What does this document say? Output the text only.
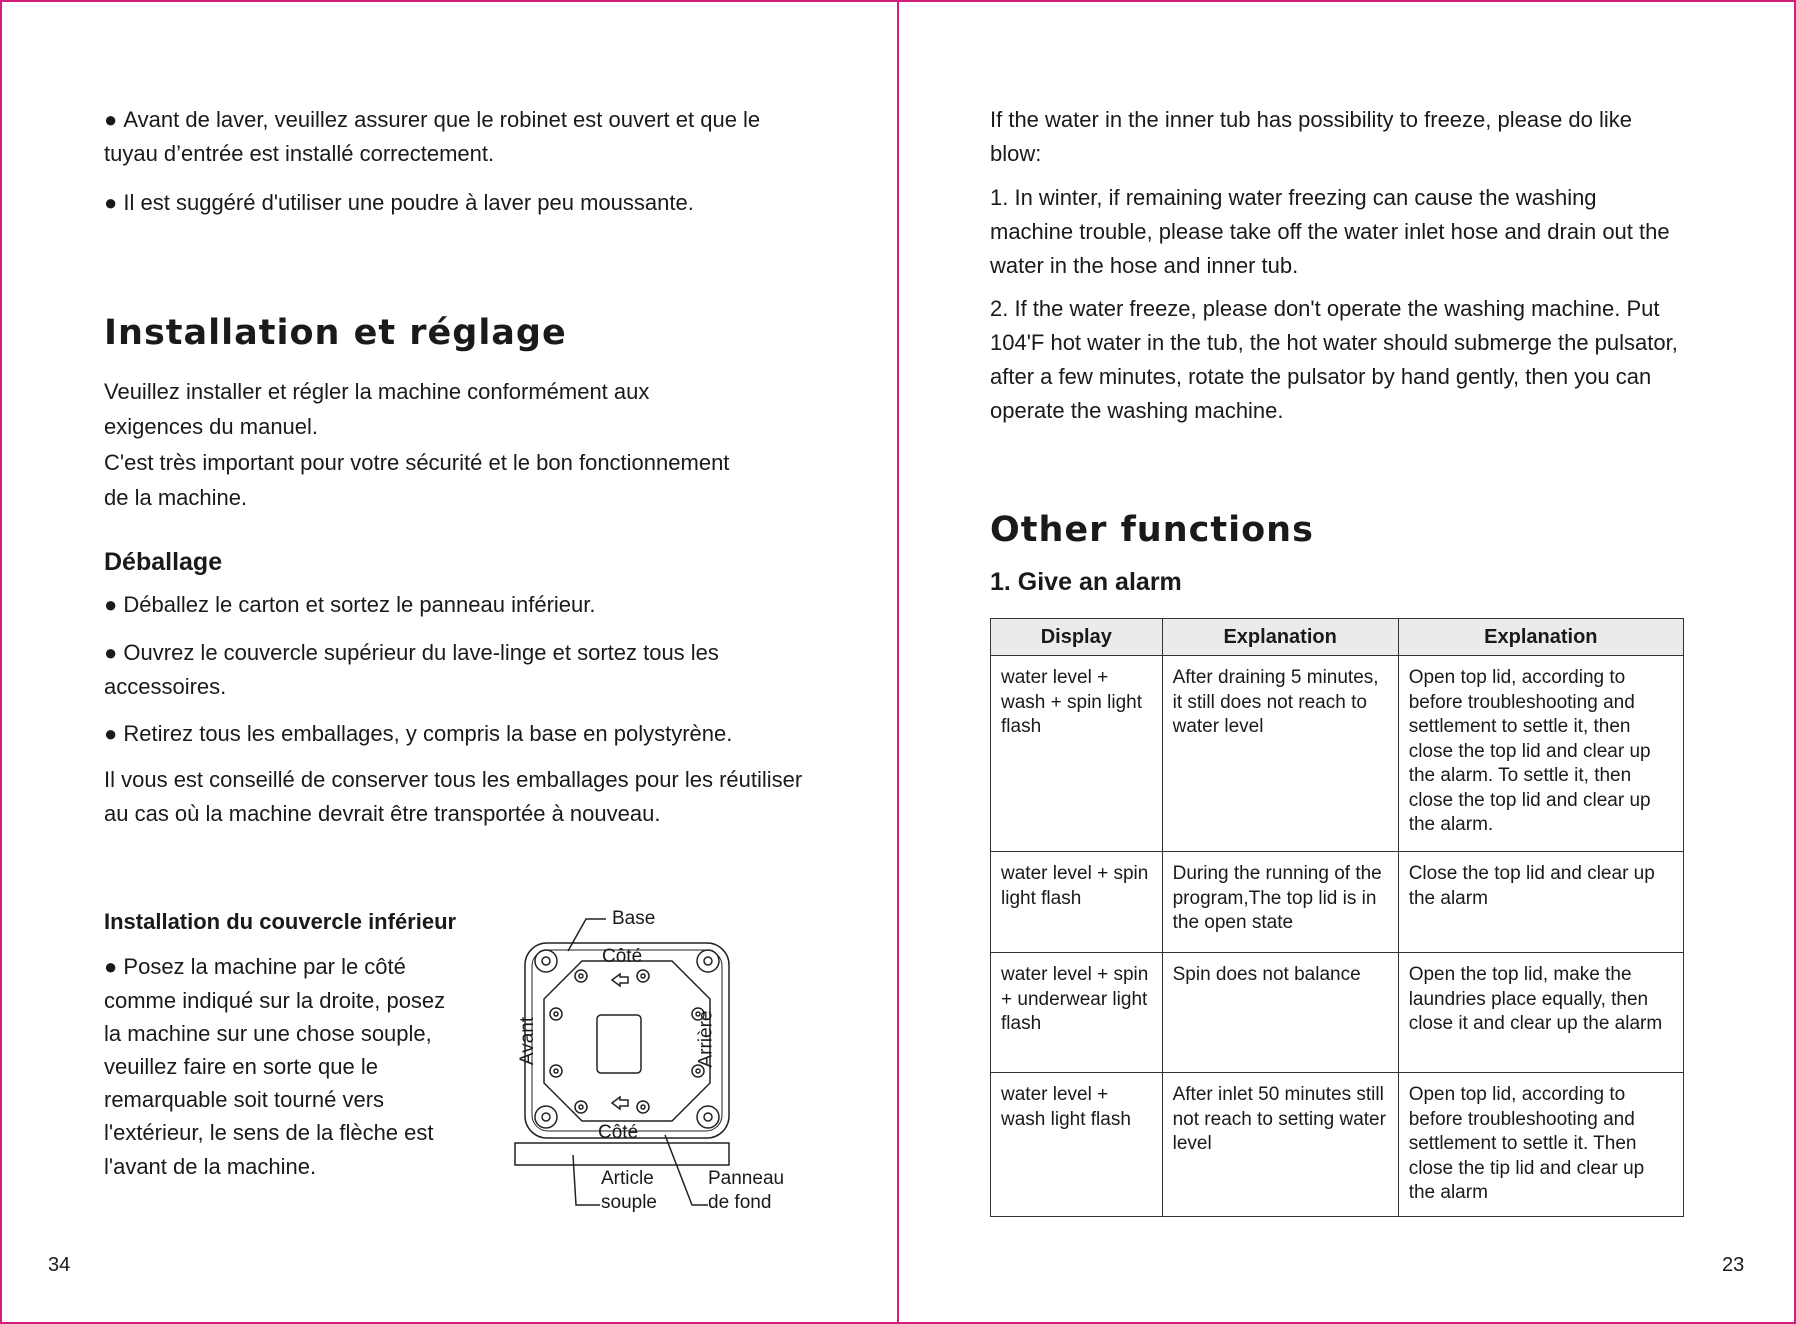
● Avant de laver, veuillez assurer que le robinet est ouvert et que le tuyau d’entrée est installé correctement.

● Il est suggéré d'utiliser une poudre à laver peu moussante.

Installation et réglage

Veuillez installer et régler la machine conformément aux

exigences du manuel.

C'est très important pour votre sécurité et le bon fonctionnement

de la machine.

Déballage

● Déballez le carton et sortez le panneau inférieur.

● Ouvrez le couvercle supérieur du lave-linge et sortez tous les accessoires.

● Retirez tous les emballages, y compris la base en polystyrène.

Il vous est conseillé de conserver tous les emballages pour les réutiliser au cas où la machine devrait être transportée à nouveau.

Installation du couvercle inférieur

● Posez la machine par le côté

comme indiqué sur la droite, posez

la machine sur une chose souple,

veuillez faire en sorte que le

remarquable soit tourné vers

l'extérieur, le sens de la flèche est

l'avant de la machine.

Base
Côté
Côté
Avant	Arrière
Article
souple
Panneau
de fond
34

If the water in the inner tub has possibility to freeze, please do like blow:

1. In winter, if remaining water freezing can cause the washing machine trouble, please take off the water inlet hose and drain out the water in the hose and inner tub.

2. If the water freeze, please don't operate the washing machine. Put 104'F hot water in the tub, the hot water should submerge the pulsator, after a few minutes, rotate the pulsator by hand gently, then you can operate the washing machine.

Other functions
1. Give an alarm
Display	Explanation	Explanation
water level + wash + spin light flash	After draining 5 minutes, it still does not reach to water level	Open top lid, according to before troubleshooting and settlement to settle it, then close the top lid and clear up the alarm. To settle it, then close the top lid and clear up the alarm.
water level + spin light flash	During the running of the program,The top lid is in the open state	Close the top lid and clear up the alarm
water level + spin + underwear light flash	Spin does not balance	Open the top lid, make the laundries place equally, then close it and clear up the alarm
water level + wash light flash	After inlet 50 minutes still not reach to setting water level	Open top lid, according to before troubleshooting and settlement to settle it. Then close the tip lid and clear up the alarm
23
